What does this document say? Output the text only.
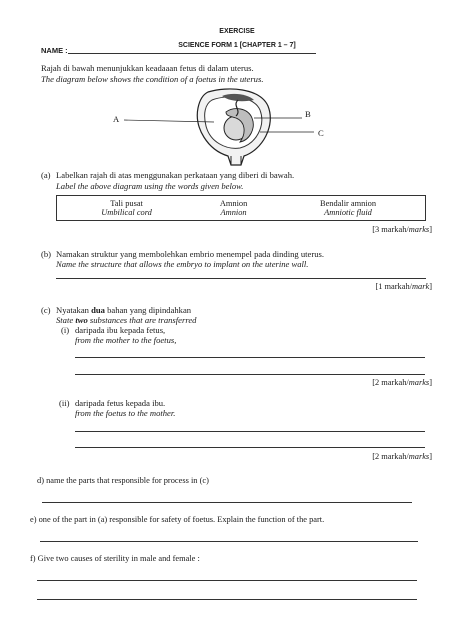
EXERCISE
SCIENCE FORM 1 [CHAPTER 1 – 7]
NAME :
Rajah di bawah menunjukkan keadaaan fetus di dalam uterus.
The diagram below shows the condition of a foetus in the uterus.
A	B
C
(a) Labelkan rajah di atas menggunakan perkataan yang diberi di bawah.
Label the above diagram using the words given below.
Tali pusat
Umbilical cord

Amnion
Amnion

Bendalir amnion
Amniotic fluid
[3 markah/marks]
(b) Namakan struktur yang membolehkan embrio menempel pada dinding uterus.
Name the structure that allows the embryo to implant on the uterine wall.
[1 markah/mark]
(c) Nyatakan dua bahan yang dipindahkan
State two substances that are transferred
(i) daripada ibu kepada fetus,
from the mother to the foetus,
[2 markah/marks]
(ii) daripada fetus kepada ibu.
from the foetus to the mother.
[2 markah/marks]
d) name the parts that responsible for process in (c)
e) one of the part in (a) responsible for safety of foetus. Explain the function of the part.
f) Give two causes of sterility in male and female :
